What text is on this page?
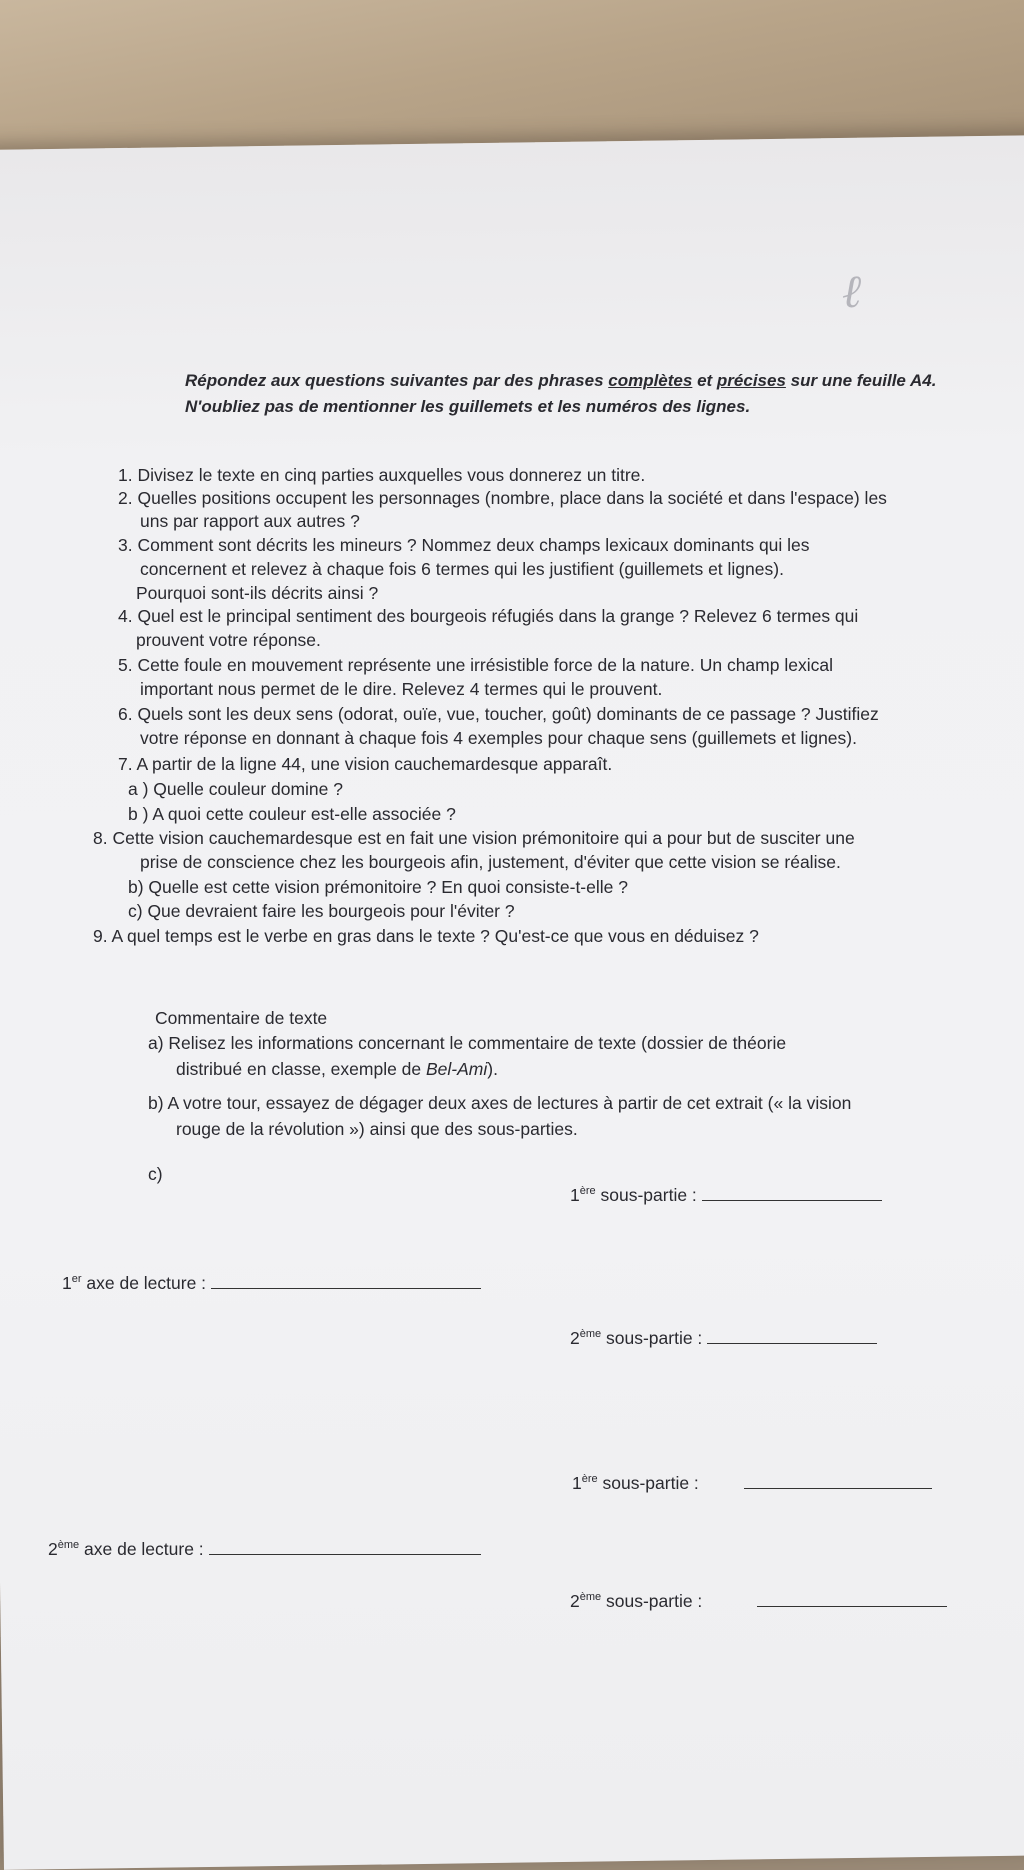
ℓ
Répondez aux questions suivantes par des phrases complètes et précises sur une feuille A4.
N'oubliez pas de mentionner les guillemets et les numéros des lignes.
1. Divisez le texte en cinq parties auxquelles vous donnerez un titre.
2. Quelles positions occupent les personnages (nombre, place dans la société et dans l'espace) les
uns par rapport aux autres ?
3. Comment sont décrits les mineurs ? Nommez deux champs lexicaux dominants qui les
concernent et relevez à chaque fois 6 termes qui les justifient (guillemets et lignes).
Pourquoi sont-ils décrits ainsi ?
4. Quel est le principal sentiment des bourgeois réfugiés dans la grange ? Relevez 6 termes qui
prouvent votre réponse.
5. Cette foule en mouvement représente une irrésistible force de la nature. Un champ lexical
important nous permet de le dire. Relevez 4 termes qui le prouvent.
6. Quels sont les deux sens (odorat, ouïe, vue, toucher, goût) dominants de ce passage ? Justifiez
votre réponse en donnant à chaque fois 4 exemples pour chaque sens (guillemets et lignes).
7. A partir de la ligne 44, une vision cauchemardesque apparaît.
a ) Quelle couleur domine ?
b ) A quoi cette couleur est-elle associée ?
8. Cette vision cauchemardesque est en fait une vision prémonitoire qui a pour but de susciter une
prise de conscience chez les bourgeois afin, justement, d'éviter que cette vision se réalise.
b) Quelle est cette vision prémonitoire ? En quoi consiste-t-elle ?
c) Que devraient faire les bourgeois pour l'éviter ?
9. A quel temps est le verbe en gras dans le texte ? Qu'est-ce que vous en déduisez ?
Commentaire de texte
a) Relisez les informations concernant le commentaire de texte (dossier de théorie
distribué en classe, exemple de Bel-Ami).
b) A votre tour, essayez de dégager deux axes de lectures à partir de cet extrait (« la vision
rouge de la révolution ») ainsi que des sous-parties.
c)
1ère sous-partie :
1er axe de lecture :
2ème sous-partie :
1ère sous-partie :
2ème axe de lecture :
2ème sous-partie :
